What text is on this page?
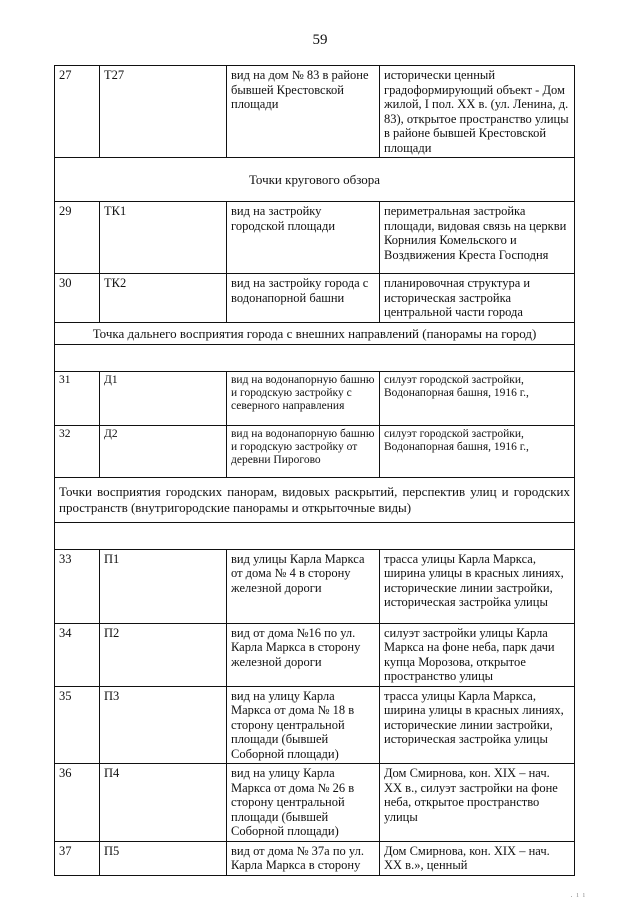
59
27	Т27	вид на дом № 83 в районе бывшей Крестовской площади	исторически ценный градоформирующий объект - Дом жилой, I пол. XX в. (ул. Ленина, д. 83), открытое пространство улицы в районе бывшей Крестовской площади
Точки кругового обзора			
29	ТК1	вид на застройку городской площади	периметральная застройка площади, видовая связь на церкви Корнилия Комельского и Воздвижения Креста Господня
30	ТК2	вид на застройку города с водонапорной башни	планировочная структура и историческая застройка центральной части города
Точка дальнего восприятия города с внешних направлений (панорамы на город)			

31	Д1	вид на водонапорную башню и городскую застройку с северного направления	силуэт городской застройки, Водонапорная башня, 1916 г.,
32	Д2	вид на водонапорную башню и городскую застройку от деревни Пирогово	силуэт городской застройки, Водонапорная башня, 1916 г.,
Точки восприятия городских панорам, видовых раскрытий, перспектив улиц и городских пространств (внутригородские панорамы и открыточные виды)			

33	П1	вид улицы Карла Маркса от дома № 4 в сторону железной дороги	трасса улицы Карла Маркса, ширина улицы в красных линиях, исторические линии застройки, историческая застройка улицы
34	П2	вид от дома №16 по ул. Карла Маркса в сторону железной дороги	силуэт застройки улицы Карла Маркса на фоне неба, парк дачи купца Морозова, открытое пространство улицы
35	П3	вид на улицу Карла Маркса от дома № 18 в сторону центральной площади (бывшей Соборной площади)	трасса улицы Карла Маркса, ширина улицы в красных линиях, исторические линии застройки, историческая застройка улицы
36	П4	вид на улицу Карла Маркса от дома № 26 в сторону центральной площади (бывшей Соборной площади)	Дом Смирнова, кон. XIX – нач. XX в., силуэт застройки на фоне неба, открытое пространство улицы
37	П5	вид от дома № 37а по ул. Карла Маркса в сторону	Дом Смирнова, кон. XIX – нач. XX в.», ценный
. ı ı
